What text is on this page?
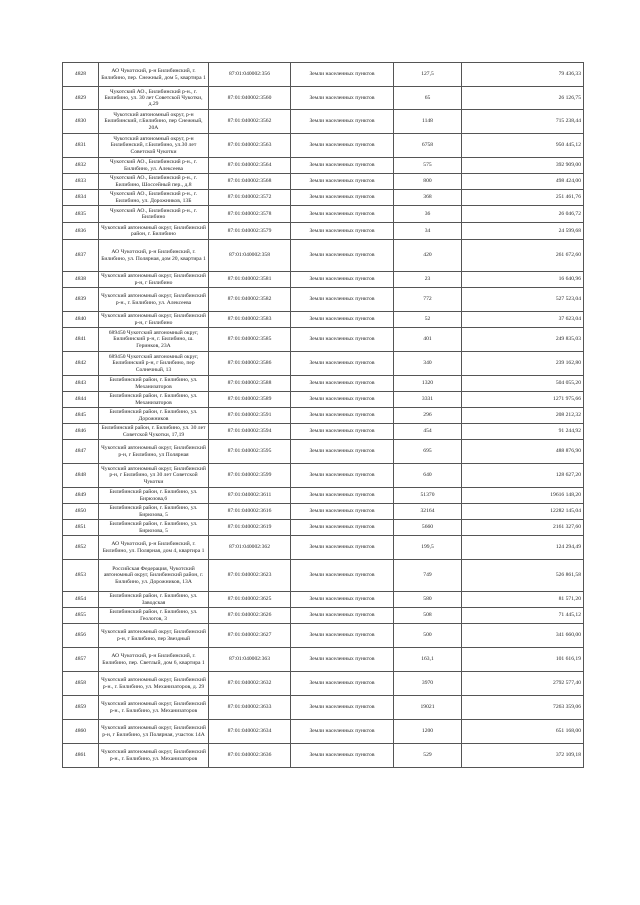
4828	АО Чукотский, р-н Билибинский, г. Билибино, пер. Снежный, дом 5, квартира 1	87:01:040002:356	Земли населенных пунктов	127,5	79 436,33
4829	Чукотский АО., Билибинский р-н., г. Билибино, ул. 30 лет Советской Чукотки, д.29	87:01:040002:3560	Земли населенных пунктов	65	26 126,75
4830	Чукотский автономный округ, р-н Билибинский, г.Билибино, пер Снежный, 20А	87:01:040002:3562	Земли населенных пунктов	1148	715 238,44
4831	Чукотский автономный округ, р-н Билибинский, г.Билибино, ул.30 лет Советской Чукотки	87:01:040002:3563	Земли населенных пунктов	6758	950 445,12
4832	Чукотский АО., Билибинский р-н., г. Билибино, ул. Алексеева	87:01:040002:3564	Земли населенных пунктов	575	392 909,00
4833	Чукотский АО., Билибинский р-н., г. Билибино, Шоссейный пер., д.8	87:01:040002:3568	Земли населенных пунктов	800	498 424,00
4834	Чукотский АО., Билибинский р-н., г. Билибино, ул. Дорожников, 13Б	87:01:040002:3572	Земли населенных пунктов	368	251 461,76
4835	Чукотский АО., Билибинский р-н., г. Билибино	87:01:040002:3578	Земли населенных пунктов	36	26 046,72
4836	Чукотский автономный округ, Билибинский район, г. Билибино	87:01:040002:3579	Земли населенных пунктов	34	24 599,68
4837	АО Чукотский, р-н Билибинский, г. Билибино, ул. Полярная, дом 20, квартира 1	87:01:040002:358	Земли населенных пунктов	420	261 672,60
4838	Чукотский автономный округ, Билибинский р-н, г Билибино	87:01:040002:3581	Земли населенных пунктов	23	16 640,96
4839	Чукотский автономный округ, Билибинский р-н., г. Билибино, ул. Алексеева	87:01:040002:3582	Земли населенных пунктов	772	527 523,04
4840	Чукотский автономный округ, Билибинский р-н, г Билибино	87:01:040002:3583	Земли населенных пунктов	52	37 623,04
4841	689450 Чукотский автономный округ, Билибинский р-н, г. Билибино, ш. Геринков, 23А	87:01:040002:3585	Земли населенных пунктов	401	249 835,03
4842	689450 Чукотский автономный округ, Билибинский р-н, г Билибино, пер Солнечный, 13	87:01:040002:3586	Земли населенных пунктов	340	239 162,80
4843	Билибинский район, г. Билибино, ул. Механизаторов	87:01:040002:3588	Земли населенных пунктов	1320	504 055,20
4844	Билибинский район, г. Билибино, ул. Механизаторов	87:01:040002:3589	Земли населенных пунктов	3331	1271 975,66
4845	Билибинский район, г. Билибино, ул. Дорожников	87:01:040002:3591	Земли населенных пунктов	296	208 212,32
4846	Билибинский район, г. Билибино, ул. 30 лет Советской Чукотки, 17,19	87:01:040002:3594	Земли населенных пунктов	454	91 244,92
4847	Чукотский автономный округ, Билибинский р-н, г Билибино, ул Полярная	87:01:040002:3595	Земли населенных пунктов	695	488 876,90
4848	Чукотский автономный округ, Билибинский р-н, г Билибино, ул 30 лет Советской Чукотки	87:01:040002:3599	Земли населенных пунктов	640	128 627,20
4849	Билибинский район, г. Билибино, ул. Бирюзова,6	87:01:040002:3611	Земли населенных пунктов	51370	19616 148,20
4850	Билибинский район, г. Билибино, ул. Бирюзова, 5	87:01:040002:3616	Земли населенных пунктов	32164	12282 145,04
4851	Билибинский район, г. Билибино, ул. Бирюзова, 5	87:01:040002:3619	Земли населенных пунктов	5660	2161 327,60
4852	АО Чукотский, р-н Билибинский, г. Билибино, ул. Полярная, дом 4, квартира 1	87:01:040002:362	Земли населенных пунктов	199,5	124 294,49
4853	Российская Федерация, Чукотский автономный округ, Билибинский район, г. Билибино, ул. Дорожников, 13А	87:01:040002:3623	Земли населенных пунктов	749	526 861,58
4854	Билибинский район, г. Билибино, ул. Заводская	87:01:040002:3625	Земли населенных пунктов	580	81 571,20
4855	Билибинский район, г. Билибино, ул. Геологов, 3	87:01:040002:3626	Земли населенных пунктов	508	71 445,12
4856	Чукотский автономный округ, Билибинский р-н, г Билибино, пер Звездный	87:01:040002:3627	Земли населенных пунктов	500	341 660,00
4857	АО Чукотский, р-н Билибинский, г. Билибино, пер. Светлый, дом 6, квартира 1	87:01:040002:363	Земли населенных пунктов	163,1	101 616,19
4858	Чукотский автономный округ, Билибинский р-н., г. Билибино, ул. Механизаторов, д. 29	87:01:040002:3632	Земли населенных пунктов	3970	2792 577,40
4859	Чукотский автономный округ, Билибинский р-н., г. Билибино, ул. Механизаторов	87:01:040002:3633	Земли населенных пунктов	19021	7263 359,06
4860	Чукотский автономный округ, Билибинский р-н, г Билибино, ул Полярная, участок 14А	87:01:040002:3634	Земли населенных пунктов	1200	651 168,00
4861	Чукотский автономный округ, Билибинский р-н., г. Билибино, ул. Механизаторов	87:01:040002:3636	Земли населенных пунктов	529	372 109,18
